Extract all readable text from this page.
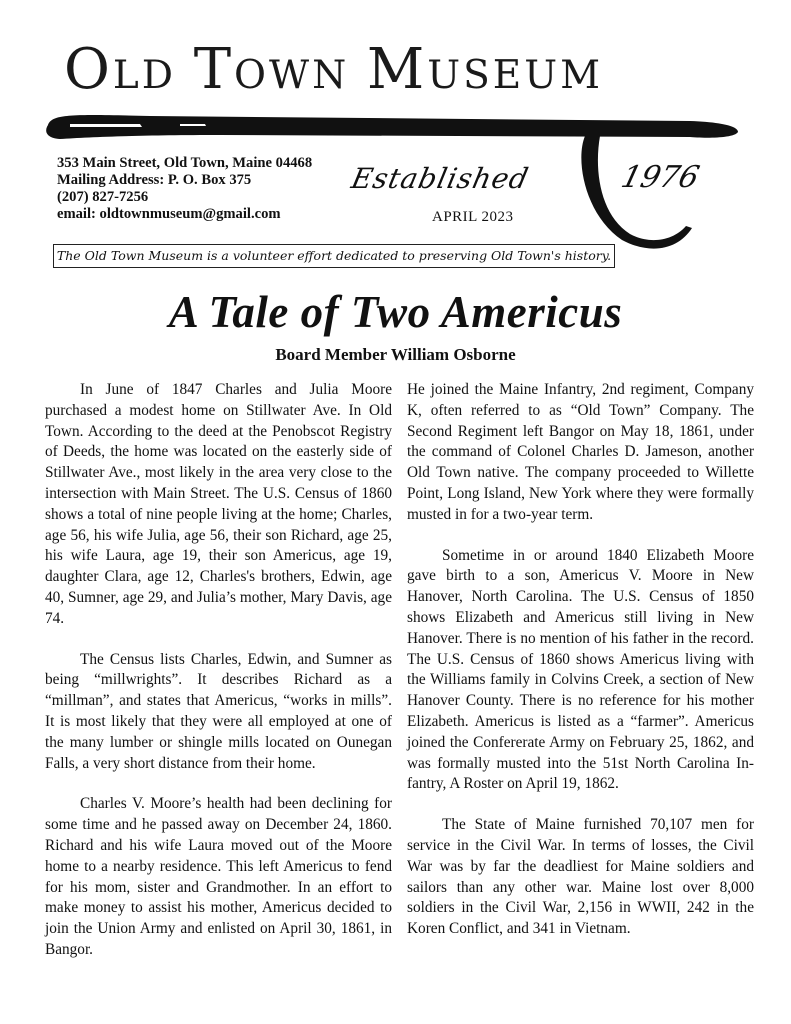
Old Town Museum
353 Main Street, Old Town, Maine 04468
Mailing Address: P. O. Box 375
(207) 827-7256
email: oldtownmuseum@gmail.com
Established	1976
APRIL 2023
The Old Town Museum is a volunteer effort dedicated to preserving Old Town's history.
A Tale of Two Americus
Board Member William Osborne

In June of 1847 Charles and Julia Moore purchased a modest home on Stillwater Ave. In Old Town. According to the deed at the Penobscot Registry of Deeds, the home was located on the easterly side of Stillwater Ave., most likely in the area very close to the intersection with Main Street. The U.S. Census of 1860 shows a total of nine people living at the home; Charles, age 56, his wife Julia, age 56, their son Richard, age 25, his wife Laura, age 19, their son Americus, age 19, daughter Clara, age 12, Charles's brothers, Edwin, age 40, Sumner, age 29, and Julia’s mother, Mary Davis, age 74.

The Census lists Charles, Edwin, and Sumner as being “millwrights”. It describes Richard as a “millman”, and states that Americus, “works in mills”. It is most likely that they were all employed at one of the many lumber or shingle mills located on Ounegan Falls, a very short distance from their home.

Charles V. Moore’s health had been declining for some time and he passed away on December 24, 1860. Richard and his wife Laura moved out of the Moore home to a nearby residence. This left Americus to fend for his mom, sister and Grandmother. In an effort to make money to assist his mother, Americus decided to join the Union Army and enlisted on April 30, 1861, in Bangor.

He joined the Maine Infantry, 2nd regiment, Company K, often referred to as “Old Town” Company. The Second Regiment left Bangor on May 18, 1861, under the command of Colonel Charles D. Jameson, another Old Town native. The company proceeded to Willette Point, Long Island, New York where they were formally musted in for a two-year term.

Sometime in or around 1840 Elizabeth Moore gave birth to a son, Americus V. Moore in New Hanover, North Carolina. The U.S. Census of 1850 shows Elizabeth and Americus still living in New Hanover. There is no mention of his father in the record. The U.S. Census of 1860 shows Americus living with the Williams family in Colvins Creek, a section of New Hanover County. There is no reference for his mother Elizabeth. Americus is listed as a “farmer”. Americus joined the Confererate Army on February 25, 1862, and was formally musted into the 51st North Carolina Infantry, A Roster on April 19, 1862.

The State of Maine furnished 70,107 men for service in the Civil War. In terms of losses, the Civil War was by far the deadliest for Maine soldiers and sailors than any other war. Maine lost over 8,000 soldiers in the Civil War, 2,156 in WWII, 242 in the Koren Conflict, and 341 in Vietnam.
